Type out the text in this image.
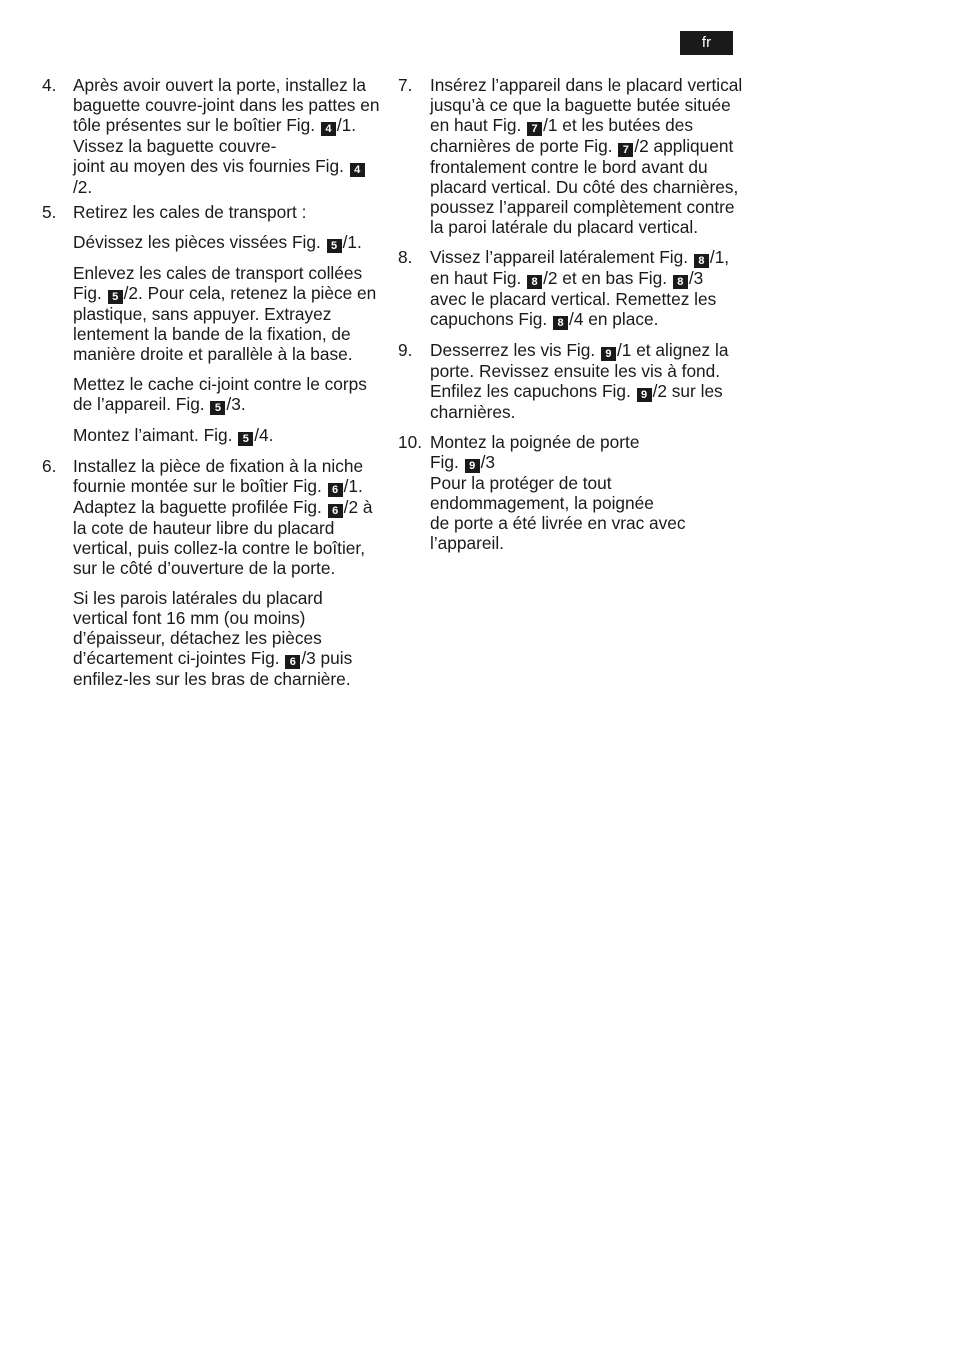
fr
4. Après avoir ouvert la porte, installez la baguette couvre-joint dans les pattes en tôle présentes sur le boîtier Fig. 4 /1. Vissez la baguette couvre-
joint au moyen des vis fournies Fig. 4/2.

5. Retirez les cales de transport :

Dévissez les pièces vissées Fig. 5 /1.

Enlevez les cales de transport collées Fig. 5 /2. Pour cela, retenez la pièce en plastique, sans appuyer. Extrayez lentement la bande de la fixation, de manière droite et parallèle à la base.

Mettez le cache ci-joint contre le corps de l’appareil. Fig. 5 /3.

Montez l’aimant. Fig. 5 /4.

6. Installez la pièce de fixation à la niche fournie montée sur le boîtier Fig. 6 /1.
Adaptez la baguette profilée Fig. 6 /2 à la cote de hauteur libre du placard vertical, puis collez-la contre le boîtier, sur le côté d’ouverture de la porte.

Si les parois latérales du placard vertical font 16 mm (ou moins) d’épaisseur, détachez les pièces d’écartement ci-jointes Fig. 6 /3 puis enfilez-les sur les bras de charnière.

7. Insérez l’appareil dans le placard vertical jusqu’à ce que la baguette butée située en haut Fig. 7 /1 et les butées des charnières de porte Fig. 7 /2 appliquent frontalement contre le bord avant du placard vertical. Du côté des charnières, poussez l’appareil complètement contre la paroi latérale du placard vertical.

8. Vissez l’appareil latéralement Fig. 8 /1, en haut Fig. 8 /2 et en bas Fig. 8 /3 avec le placard vertical. Remettez les capuchons Fig. 8 /4 en place.

9. Desserrez les vis Fig. 9 /1 et alignez la porte. Revissez ensuite les vis à fond. Enfilez les capuchons Fig. 9 /2 sur les charnières.

10. Montez la poignée de porte
Fig. 9 /3
Pour la protéger de tout endommagement, la poignée
de porte a été livrée en vrac avec l’appareil.
